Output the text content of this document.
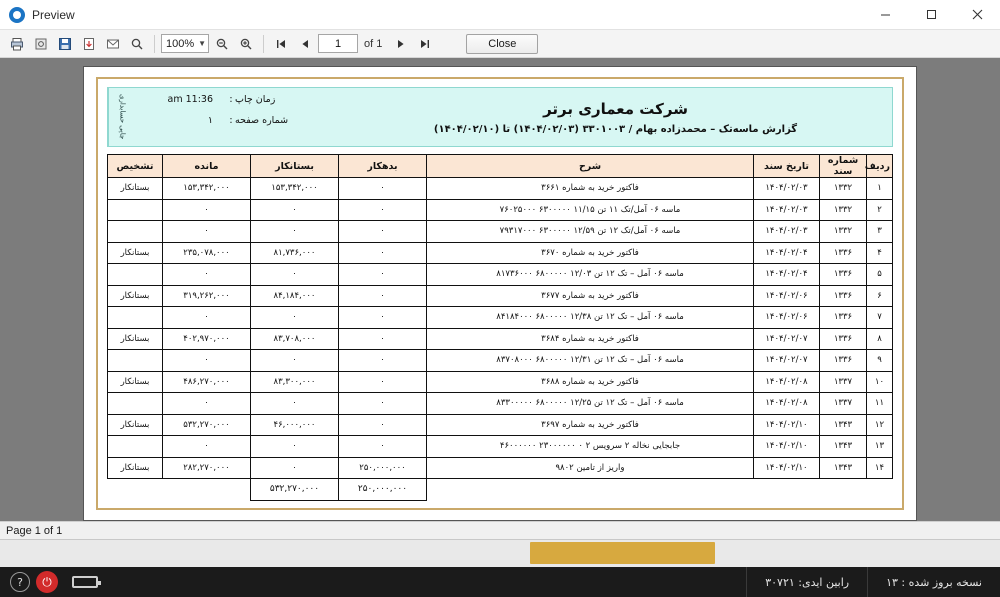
Preview
100% ▼	1	of 1	Close
چاپی حسابداری	زمان چاپ
:
11:36 am
شماره صفحه
:
۱
شرکت معماری برتر
گزارش ماسه‌تک – محمدزاده بهام / ۳۳۰۱۰۰۳ (۱۴۰۴/۰۲/۰۳) تا (۱۴۰۴/۰۲/۱۰)
ردیف	شماره سند	تاریخ سند	شرح	بدهکار	بستانکار	مانده	تشخیص
۱	۱۳۳۲	۱۴۰۴/۰۲/۰۳	فاکتور خرید به شماره ۳۶۶۱	۰	۱۵۳,۳۴۲,۰۰۰	۱۵۳,۳۴۲,۰۰۰	بستانکار
۲	۱۳۳۲	۱۴۰۴/۰۲/۰۳	ماسه ۰۶ آمل/تک ۱۱ تن ۱۱/۱۵ ۶۳۰۰۰۰۰ ۷۶۰۲۵۰۰۰	۰	۰	۰	
۳	۱۳۳۲	۱۴۰۴/۰۲/۰۳	ماسه ۰۶ آمل/تک ۱۲ تن ۱۲/۵۹ ۶۳۰۰۰۰۰ ۷۹۳۱۷۰۰۰	۰	۰	۰	
۴	۱۳۳۶	۱۴۰۴/۰۲/۰۴	فاکتور خرید به شماره ۳۶۷۰	۰	۸۱,۷۳۶,۰۰۰	۲۳۵,۰۷۸,۰۰۰	بستانکار
۵	۱۳۳۶	۱۴۰۴/۰۲/۰۴	ماسه ۰۶ آمل – تک ۱۲ تن ۱۲/۰۳ ۶۸۰۰۰۰۰ ۸۱۷۳۶۰۰۰	۰	۰	۰	
۶	۱۳۳۶	۱۴۰۴/۰۲/۰۶	فاکتور خرید به شماره ۳۶۷۷	۰	۸۴,۱۸۴,۰۰۰	۳۱۹,۲۶۲,۰۰۰	بستانکار
۷	۱۳۳۶	۱۴۰۴/۰۲/۰۶	ماسه ۰۶ آمل – تک ۱۲ تن ۱۲/۳۸ ۶۸۰۰۰۰۰ ۸۴۱۸۴۰۰۰	۰	۰	۰	
۸	۱۳۳۶	۱۴۰۴/۰۲/۰۷	فاکتور خرید به شماره ۳۶۸۴	۰	۸۳,۷۰۸,۰۰۰	۴۰۲,۹۷۰,۰۰۰	بستانکار
۹	۱۳۳۶	۱۴۰۴/۰۲/۰۷	ماسه ۰۶ آمل – تک ۱۲ تن ۱۲/۳۱ ۶۸۰۰۰۰۰ ۸۳۷۰۸۰۰۰	۰	۰	۰	
۱۰	۱۳۳۷	۱۴۰۴/۰۲/۰۸	فاکتور خرید به شماره ۳۶۸۸	۰	۸۳,۳۰۰,۰۰۰	۴۸۶,۲۷۰,۰۰۰	بستانکار
۱۱	۱۳۳۷	۱۴۰۴/۰۲/۰۸	ماسه ۰۶ آمل – تک ۱۲ تن ۱۲/۲۵ ۶۸۰۰۰۰۰ ۸۳۳۰۰۰۰۰	۰	۰	۰	
۱۲	۱۳۴۳	۱۴۰۴/۰۲/۱۰	فاکتور خرید به شماره ۳۶۹۷	۰	۴۶,۰۰۰,۰۰۰	۵۳۲,۲۷۰,۰۰۰	بستانکار
۱۳	۱۳۴۳	۱۴۰۴/۰۲/۱۰	جابجایی نخاله ۲ سرویس ۲ ۰ ۲۳۰۰۰۰۰۰ ۴۶۰۰۰۰۰۰	۰	۰	۰	
۱۴	۱۳۴۳	۱۴۰۴/۰۲/۱۰	واریز از تامین ۹۸۰۲	۲۵۰,۰۰۰,۰۰۰	۰	۲۸۲,۲۷۰,۰۰۰	بستانکار
				۲۵۰,۰۰۰,۰۰۰	۵۳۲,۲۷۰,۰۰۰		
Page 1 of 1
نسخه بروز شده : ۱۳
رابین ایدی: ۳۰۷۲۱
⏻
?
